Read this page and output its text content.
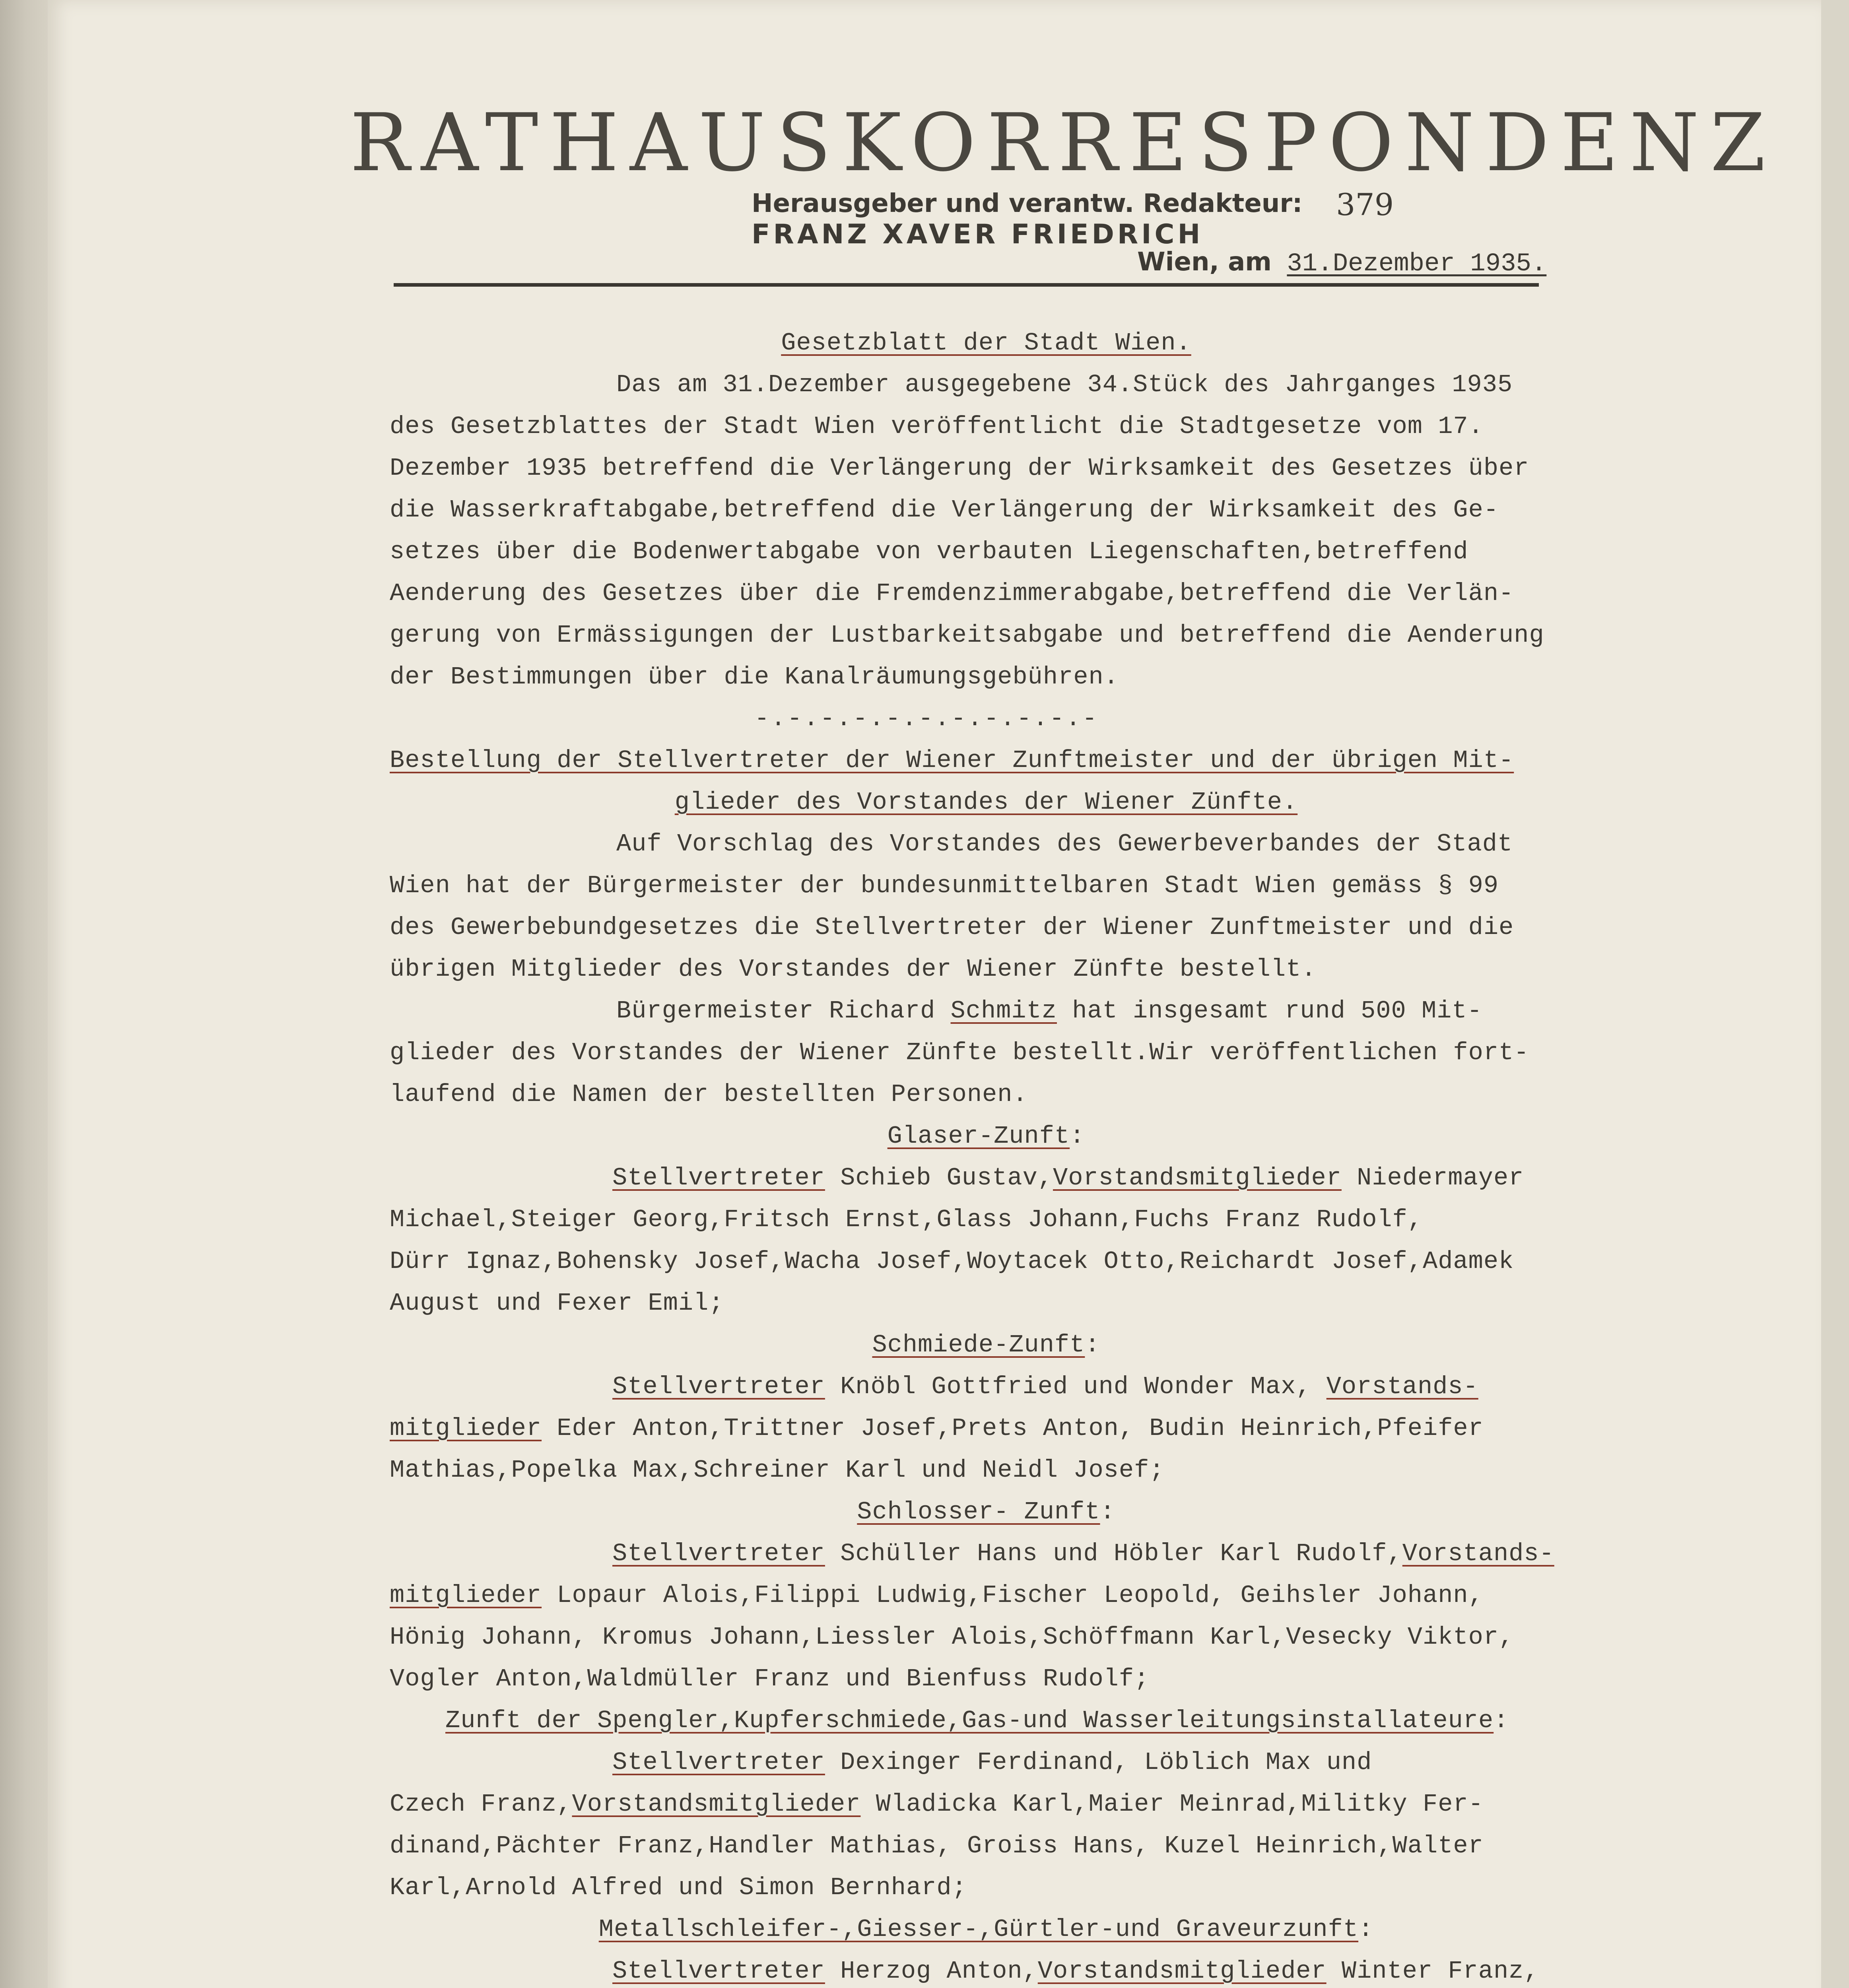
RATHAUSKORRESPONDENZ
Herausgeber und verantw. Redakteur:
FRANZ XAVER FRIEDRICH
379
Wien, am 31.Dezember 1935.
Gesetzblatt der Stadt Wien.
Das am 31.Dezember ausgegebene 34.Stück des Jahrganges 1935
des Gesetzblattes der Stadt Wien veröffentlicht die Stadtgesetze vom 17.
Dezember 1935 betreffend die Verlängerung der Wirksamkeit des Gesetzes über
die Wasserkraftabgabe,betreffend die Verlängerung der Wirksamkeit des Ge-
setzes über die Bodenwertabgabe von verbauten Liegenschaften,betreffend
Aenderung des Gesetzes über die Fremdenzimmerabgabe,betreffend die Verlän-
gerung von Ermässigungen der Lustbarkeitsabgabe und betreffend die Aenderung
der Bestimmungen über die Kanalräumungsgebühren.
-.-.-.-.-.-.-.-.-.-.-
Bestellung der Stellvertreter der Wiener Zunftmeister und der übrigen Mit-
glieder des Vorstandes der Wiener Zünfte.
Auf Vorschlag des Vorstandes des Gewerbeverbandes der Stadt
Wien hat der Bürgermeister der bundesunmittelbaren Stadt Wien gemäss § 99
des Gewerbebundgesetzes die Stellvertreter der Wiener Zunftmeister und die
übrigen Mitglieder des Vorstandes der Wiener Zünfte bestellt.
Bürgermeister Richard Schmitz hat insgesamt rund 500 Mit-
glieder des Vorstandes der Wiener Zünfte bestellt.Wir veröffentlichen fort-
laufend die Namen der bestellten Personen.
Glaser-Zunft:
Stellvertreter Schieb Gustav,Vorstandsmitglieder Niedermayer
Michael,Steiger Georg,Fritsch Ernst,Glass Johann,Fuchs Franz Rudolf,
Dürr Ignaz,Bohensky Josef,Wacha Josef,Woytacek Otto,Reichardt Josef,Adamek
August und Fexer Emil;
Schmiede-Zunft:
Stellvertreter Knöbl Gottfried und Wonder Max, Vorstands-
mitglieder Eder Anton,Trittner Josef,Prets Anton, Budin Heinrich,Pfeifer
Mathias,Popelka Max,Schreiner Karl und Neidl Josef;
Schlosser- Zunft:
Stellvertreter Schüller Hans und Höbler Karl Rudolf,Vorstands-
mitglieder Lopaur Alois,Filippi Ludwig,Fischer Leopold, Geihsler Johann,
Hönig Johann, Kromus Johann,Liessler Alois,Schöffmann Karl,Vesecky Viktor,
Vogler Anton,Waldmüller Franz und Bienfuss Rudolf;
Zunft der Spengler,Kupferschmiede,Gas-und Wasserleitungsinstallateure:
Stellvertreter Dexinger Ferdinand, Löblich Max und
Czech Franz,Vorstandsmitglieder Wladicka Karl,Maier Meinrad,Militky Fer-
dinand,Pächter Franz,Handler Mathias, Groiss Hans, Kuzel Heinrich,Walter
Karl,Arnold Alfred und Simon Bernhard;
Metallschleifer-,Giesser-,Gürtler-und Graveurzunft:
Stellvertreter Herzog Anton,Vorstandsmitglieder Winter Franz,
